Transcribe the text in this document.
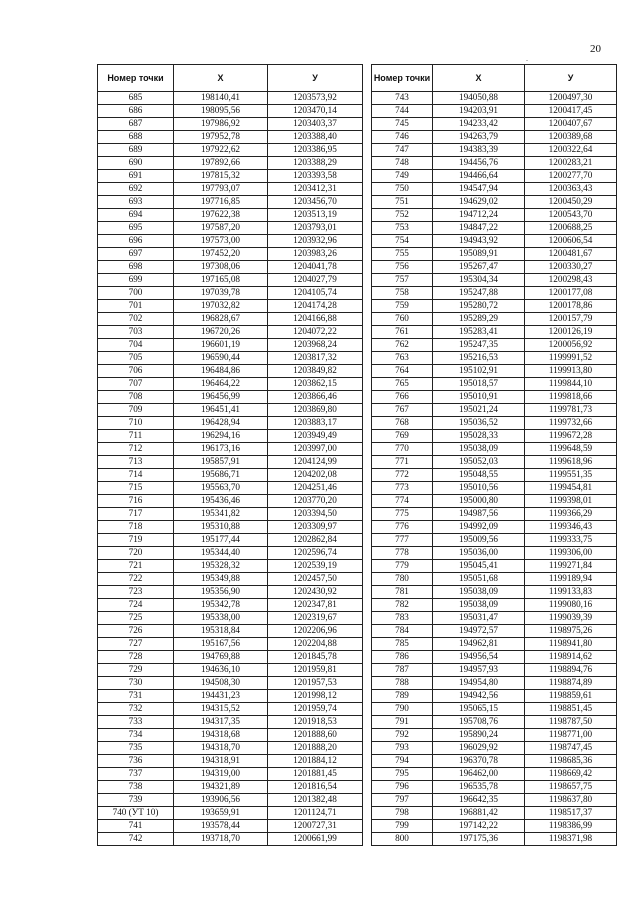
20
.
Номер точки	Х	У
685	198140,41	1203573,92
686	198095,56	1203470,14
687	197986,92	1203403,37
688	197952,78	1203388,40
689	197922,62	1203386,95
690	197892,66	1203388,29
691	197815,32	1203393,58
692	197793,07	1203412,31
693	197716,85	1203456,70
694	197622,38	1203513,19
695	197587,20	1203793,01
696	197573,00	1203932,96
697	197452,20	1203983,26
698	197308,06	1204041,78
699	197165,08	1204027,79
700	197039,78	1204105,74
701	197032,82	1204174,28
702	196828,67	1204166,88
703	196720,26	1204072,22
704	196601,19	1203968,24
705	196590,44	1203817,32
706	196484,86	1203849,82
707	196464,22	1203862,15
708	196456,99	1203866,46
709	196451,41	1203869,80
710	196428,94	1203883,17
711	196294,16	1203949,49
712	196173,16	1203997,00
713	195857,91	1204124,99
714	195686,71	1204202,08
715	195563,70	1204251,46
716	195436,46	1203770,20
717	195341,82	1203394,50
718	195310,88	1203309,97
719	195177,44	1202862,84
720	195344,40	1202596,74
721	195328,32	1202539,19
722	195349,88	1202457,50
723	195356,90	1202430,92
724	195342,78	1202347,81
725	195338,00	1202319,67
726	195318,84	1202206,96
727	195167,56	1202204,88
728	194769,88	1201845,78
729	194636,10	1201959,81
730	194508,30	1201957,53
731	194431,23	1201998,12
732	194315,52	1201959,74
733	194317,35	1201918,53
734	194318,68	1201888,60
735	194318,70	1201888,20
736	194318,91	1201884,12
737	194319,00	1201881,45
738	194321,89	1201816,54
739	193906,56	1201382,48
740 (УТ 10)	193659,91	1201124,71
741	193578,44	1200727,31
742	193718,70	1200661,99
Номер точки	Х	У
743	194050,88	1200497,30
744	194203,91	1200417,45
745	194233,42	1200407,67
746	194263,79	1200389,68
747	194383,39	1200322,64
748	194456,76	1200283,21
749	194466,64	1200277,70
750	194547,94	1200363,43
751	194629,02	1200450,29
752	194712,24	1200543,70
753	194847,22	1200688,25
754	194943,92	1200606,54
755	195089,91	1200481,67
756	195267,47	1200330,27
757	195304,34	1200298,43
758	195247,88	1200177,08
759	195280,72	1200178,86
760	195289,29	1200157,79
761	195283,41	1200126,19
762	195247,35	1200056,92
763	195216,53	1199991,52
764	195102,91	1199913,80
765	195018,57	1199844,10
766	195010,91	1199818,66
767	195021,24	1199781,73
768	195036,52	1199732,66
769	195028,33	1199672,28
770	195038,09	1199648,59
771	195052,03	1199618,96
772	195048,55	1199551,35
773	195010,56	1199454,81
774	195000,80	1199398,01
775	194987,56	1199366,29
776	194992,09	1199346,43
777	195009,56	1199333,75
778	195036,00	1199306,00
779	195045,41	1199271,84
780	195051,68	1199189,94
781	195038,09	1199133,83
782	195038,09	1199080,16
783	195031,47	1199039,39
784	194972,57	1198975,26
785	194962,81	1198941,80
786	194956,54	1198914,62
787	194957,93	1198894,76
788	194954,80	1198874,89
789	194942,56	1198859,61
790	195065,15	1198851,45
791	195708,76	1198787,50
792	195890,24	1198771,00
793	196029,92	1198747,45
794	196370,78	1198685,36
795	196462,00	1198669,42
796	196535,78	1198657,75
797	196642,35	1198637,80
798	196881,42	1198517,37
799	197142,22	1198386,99
800	197175,36	1198371,98
